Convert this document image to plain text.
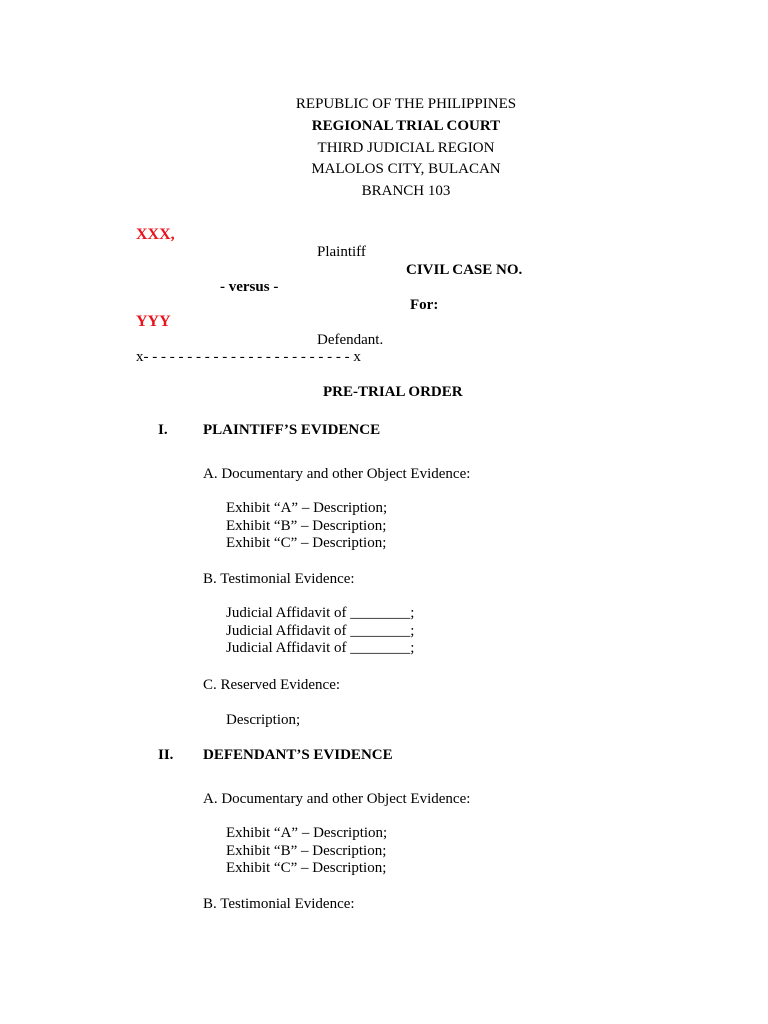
REPUBLIC OF THE PHILIPPINES
REGIONAL TRIAL COURT
THIRD JUDICIAL REGION
MALOLOS CITY, BULACAN
BRANCH 103
XXX,
Plaintiff
CIVIL CASE NO.
- versus -
For:
YYY
Defendant.
x- - - - - - - - - - - - - - - - - - - - - - - - x
PRE-TRIAL ORDER
I. PLAINTIFF’S EVIDENCE
A. Documentary and other Object Evidence:
Exhibit “A” – Description;
Exhibit “B” – Description;
Exhibit “C” – Description;
B. Testimonial Evidence:
Judicial Affidavit of ________;
Judicial Affidavit of ________;
Judicial Affidavit of ________;
C. Reserved Evidence:
Description;
II. DEFENDANT’S EVIDENCE
A. Documentary and other Object Evidence:
Exhibit “A” – Description;
Exhibit “B” – Description;
Exhibit “C” – Description;
B. Testimonial Evidence:
